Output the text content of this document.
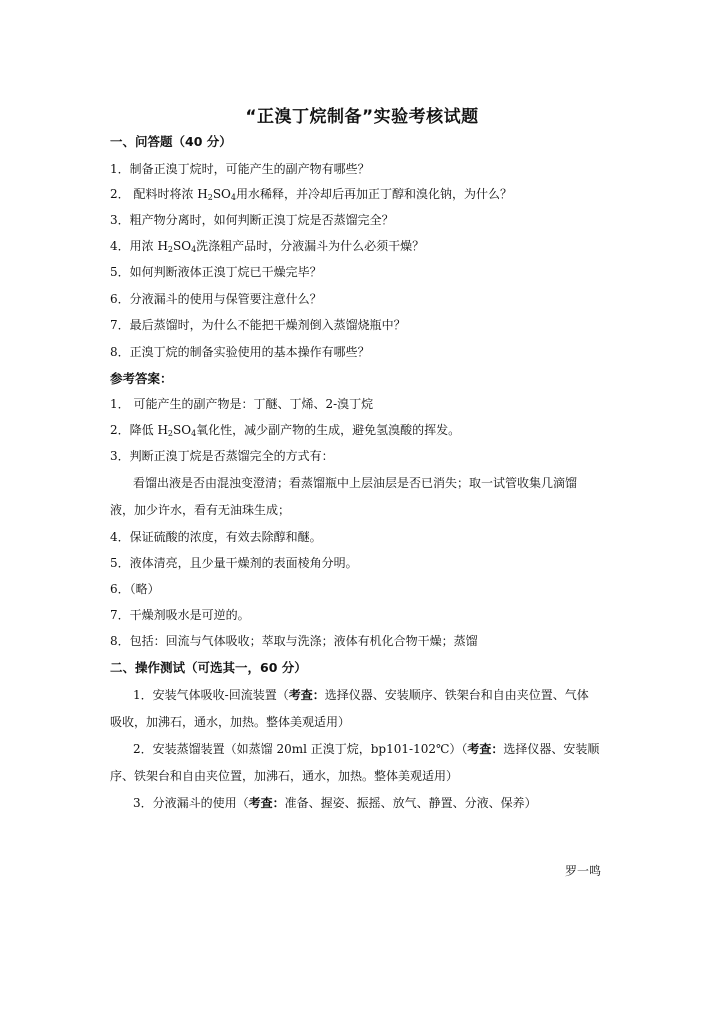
“正溴丁烷制备”实验考核试题
一、问答题（40 分）
1．制备正溴丁烷时，可能产生的副产物有哪些？
2． 配料时将浓 $H_2SO_4$用水稀释，并冷却后再加正丁醇和溴化钠，为什么？
3．粗产物分离时，如何判断正溴丁烷是否蒸馏完全？
4．用浓 $H_2SO_4$洗涤粗产品时，分液漏斗为什么必须干燥？
5．如何判断液体正溴丁烷已干燥完毕？
6．分液漏斗的使用与保管要注意什么？
7．最后蒸馏时，为什么不能把干燥剂倒入蒸馏烧瓶中？
8．正溴丁烷的制备实验使用的基本操作有哪些？
参考答案：
1． 可能产生的副产物是：丁醚、丁烯、2-溴丁烷
2．降低 $H_2SO_4$氧化性，减少副产物的生成，避免氢溴酸的挥发。
3．判断正溴丁烷是否蒸馏完全的方式有：
看馏出液是否由混浊变澄清；看蒸馏瓶中上层油层是否已消失；取一试管收集几滴馏
液，加少许水，看有无油珠生成；
4．保证硫酸的浓度，有效去除醇和醚。
5．液体清亮，且少量干燥剂的表面棱角分明。
6．（略）
7．干燥剂吸水是可逆的。
8．包括：回流与气体吸收；萃取与洗涤；液体有机化合物干燥；蒸馏
二、操作测试（可选其一，60 分）
1．安装气体吸收-回流装置（考查：选择仪器、安装顺序、铁架台和自由夹位置、气体
吸收，加沸石，通水，加热。整体美观适用）
2．安装蒸馏装置（如蒸馏 20ml 正溴丁烷，bp101-102℃）（考查：选择仪器、安装顺
序、铁架台和自由夹位置，加沸石，通水，加热。整体美观适用）
3．分液漏斗的使用（考查：准备、握姿、振摇、放气、静置、分液、保养）
罗一鸣
